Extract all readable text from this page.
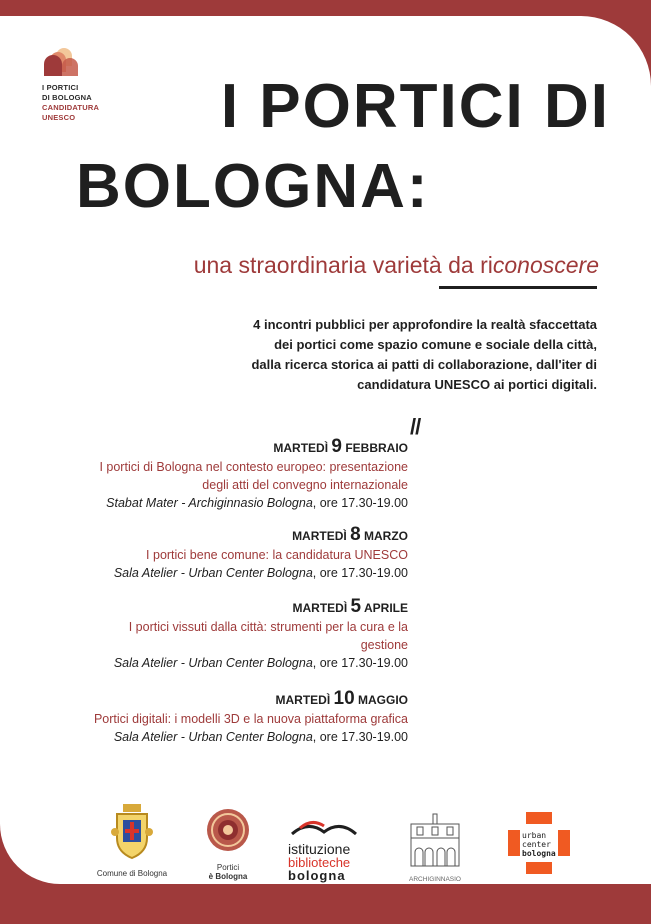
I PORTICI
DI BOLOGNA
CANDIDATURA
UNESCO	I PORTICI DI
BOLOGNA:
una straordinaria varietà da riconoscere
4 incontri pubblici per approfondire la realtà sfaccettata
dei portici come spazio comune e sociale della città,
dalla ricerca storica ai patti di collaborazione, dall'iter di
candidatura UNESCO ai portici digitali.
//
MARTEDÌ 9 FEBBRAIO
I portici di Bologna nel contesto europeo: presentazione
degli atti del convegno internazionale
Stabat Mater - Archiginnasio Bologna, ore 17.30-19.00
MARTEDÌ 8 MARZO
I portici bene comune: la candidatura UNESCO
Sala Atelier - Urban Center Bologna, ore 17.30-19.00
MARTEDÌ 5 APRILE
I portici vissuti dalla città: strumenti per la cura e la
gestione
Sala Atelier - Urban Center Bologna, ore 17.30-19.00
MARTEDÌ 10 MAGGIO
Portici digitali: i modelli 3D e la nuova piattaforma grafica
Sala Atelier - Urban Center Bologna, ore 17.30-19.00
Comune di Bologna
Portici
è Bologna
istituzione
biblioteche
bologna	ARCHIGINNASIO
urban
center
bologna
